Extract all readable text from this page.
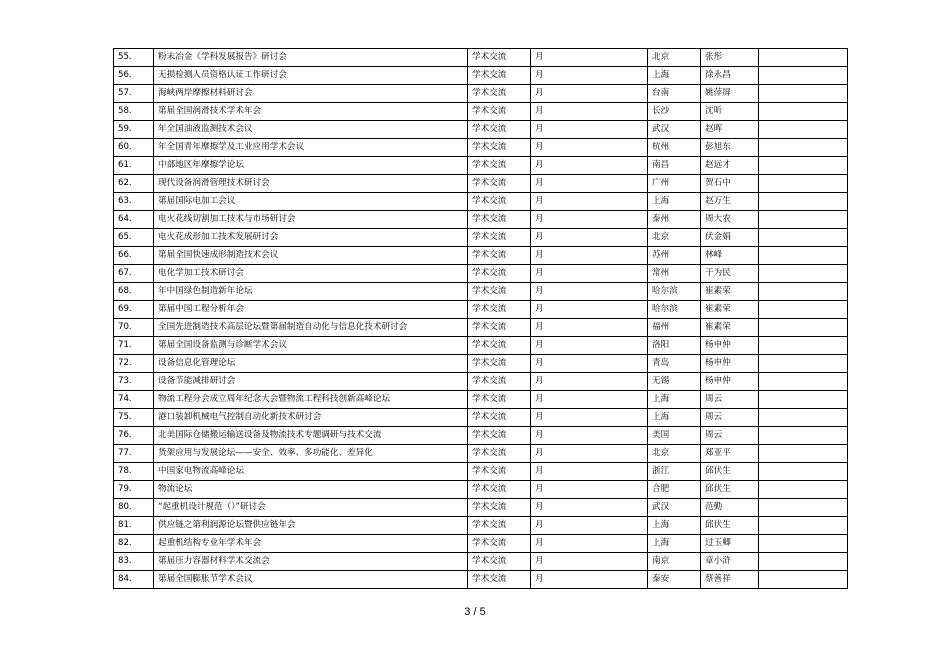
55.	粉末冶金《学科发展报告》研讨会	学术交流	月	北京	张彤	
56.	无损检测人员资格认证工作研讨会	学术交流	月	上海	徐永昌	
57.	海峡两岸摩擦材料研讨会	学术交流	月	台南	姚萍屏	
58.	第届全国润滑技术学术年会	学术交流	月	长沙	沈昕	
59.	年全国油液监测技术会议	学术交流	月	武汉	赵晖	
60.	年全国青年摩擦学及工业应用学术会议	学术交流	月	杭州	彭旭东	
61.	中部地区年摩擦学论坛	学术交流	月	南昌	赵远才	
62.	现代设备润滑管理技术研讨会	学术交流	月	广州	贺石中	
63.	第届国际电加工会议	学术交流	月	上海	赵万生	
64.	电火花线切割加工技术与市场研讨会	学术交流	月	泰州	周大农	
65.	电火花成形加工技术发展研讨会	学术交流	月	北京	伏金娟	
66.	第届全国快速成形制造技术会议	学术交流	月	苏州	林峰	
67.	电化学加工技术研讨会	学术交流	月	常州	干为民	
68.	年中国绿色制造新年论坛	学术交流	月	哈尔滨	崔素荣	
69.	第届中国工程分析年会	学术交流	月	哈尔滨	崔素荣	
70.	全国先进制造技术高层论坛暨第届制造自动化与信息化技术研讨会	学术交流	月	福州	崔素荣	
71.	第届全国设备监测与诊断学术会议	学术交流	月	洛阳	杨申仲	
72.	设备信息化管理论坛	学术交流	月	青岛	杨申仲	
73.	设备节能减排研讨会	学术交流	月	无锡	杨申仲	
74.	物流工程分会成立周年纪念大会暨物流工程科技创新高峰论坛	学术交流	月	上海	周云	
75.	港口装卸机械电气控制自动化新技术研讨会	学术交流	月	上海	周云	
76.	北美国际仓储搬运输送设备及物流技术专题调研与技术交流	学术交流	月	美国	周云	
77.	货架应用与发展论坛——安全、效率、多功能化、差异化	学术交流	月	北京	郑亚平	
78.	中国家电物流高峰论坛	学术交流	月	浙江	邱伏生	
79.	物流论坛	学术交流	月	合肥	邱伏生	
80.	“起重机设计规范（）”研讨会	学术交流	月	武汉	范勤	
81.	供应链之第利润源论坛暨供应链年会	学术交流	月	上海	邱伏生	
82.	起重机结构专业年学术年会	学术交流	月	上海	过玉卿	
83.	第届压力容器材料学术交流会	学术交流	月	南京	章小浒	
84.	第届全国膨胀节学术会议	学术交流	月	泰安	蔡善祥	
3 / 5
